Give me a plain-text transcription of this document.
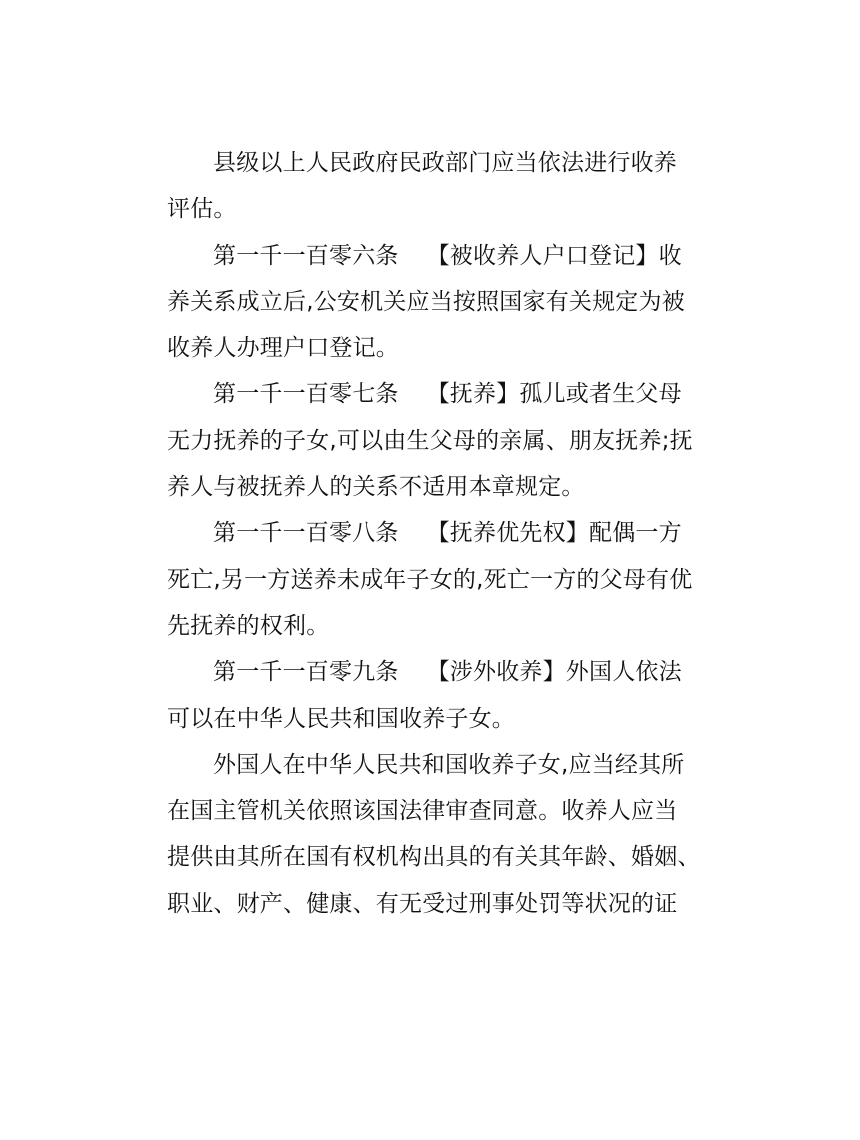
县级以上人民政府民政部门应当依法进行收养
评估。
第一千一百零六条 【被收养人户口登记】收
养关系成立后,公安机关应当按照国家有关规定为被
收养人办理户口登记。
第一千一百零七条 【抚养】孤儿或者生父母
无力抚养的子女,可以由生父母的亲属、朋友抚养;抚
养人与被抚养人的关系不适用本章规定。
第一千一百零八条 【抚养优先权】配偶一方
死亡,另一方送养未成年子女的,死亡一方的父母有优
先抚养的权利。
第一千一百零九条 【涉外收养】外国人依法
可以在中华人民共和国收养子女。
外国人在中华人民共和国收养子女,应当经其所
在国主管机关依照该国法律审查同意。收养人应当
提供由其所在国有权机构出具的有关其年龄、婚姻、
职业、财产、健康、有无受过刑事处罚等状况的证
